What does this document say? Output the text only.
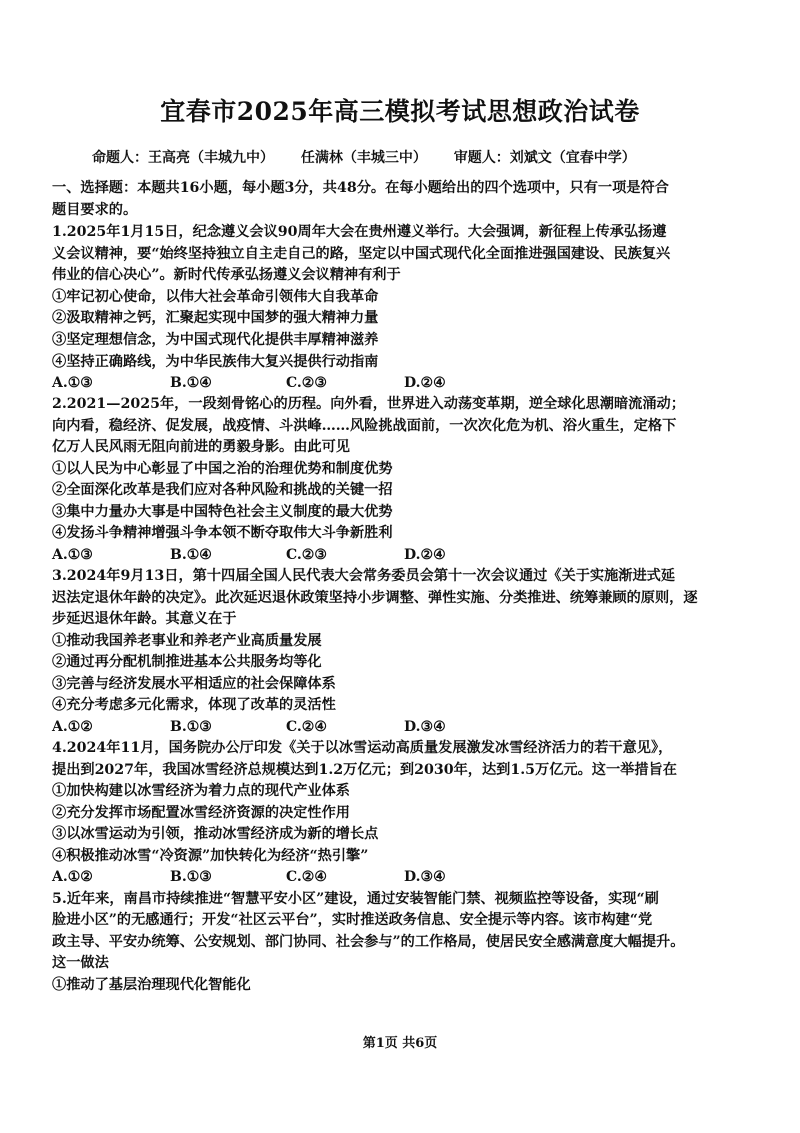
宜春市2025年高三模拟考试思想政治试卷
命题人：王高亮（丰城九中） 任满林（丰城三中） 审题人：刘斌文（宜春中学）
一、选择题：本题共16小题，每小题3分，共48分。在每小题给出的四个选项中，只有一项是符合
题目要求的。
1.2025年1月15日，纪念遵义会议90周年大会在贵州遵义举行。大会强调，新征程上传承弘扬遵
义会议精神，要“始终坚持独立自主走自己的路，坚定以中国式现代化全面推进强国建设、民族复兴
伟业的信心决心”。新时代传承弘扬遵义会议精神有利于
①牢记初心使命，以伟大社会革命引领伟大自我革命
②汲取精神之钙，汇聚起实现中国梦的强大精神力量
③坚定理想信念，为中国式现代化提供丰厚精神滋养
④坚持正确路线，为中华民族伟大复兴提供行动指南
A.①③	B.①④	C.②③	D.②④
2.2021—2025年，一段刻骨铭心的历程。向外看，世界进入动荡变革期，逆全球化思潮暗流涌动；
向内看，稳经济、促发展，战疫情、斗洪峰……风险挑战面前，一次次化危为机、浴火重生，定格下
亿万人民风雨无阻向前进的勇毅身影。由此可见
①以人民为中心彰显了中国之治的治理优势和制度优势
②全面深化改革是我们应对各种风险和挑战的关键一招
③集中力量办大事是中国特色社会主义制度的最大优势
④发扬斗争精神增强斗争本领不断夺取伟大斗争新胜利
A.①③	B.①④	C.②③	D.②④
3.2024年9月13日，第十四届全国人民代表大会常务委员会第十一次会议通过《关于实施渐进式延
迟法定退休年龄的决定》。此次延迟退休政策坚持小步调整、弹性实施、分类推进、统筹兼顾的原则，逐
步延迟退休年龄。其意义在于
①推动我国养老事业和养老产业高质量发展
②通过再分配机制推进基本公共服务均等化
③完善与经济发展水平相适应的社会保障体系
④充分考虑多元化需求，体现了改革的灵活性
A.①②	B.①③	C.②④	D.③④
4.2024年11月，国务院办公厅印发《关于以冰雪运动高质量发展激发冰雪经济活力的若干意见》，
提出到2027年，我国冰雪经济总规模达到1.2万亿元；到2030年，达到1.5万亿元。这一举措旨在
①加快构建以冰雪经济为着力点的现代产业体系
②充分发挥市场配置冰雪经济资源的决定性作用
③以冰雪运动为引领，推动冰雪经济成为新的增长点
④积极推动冰雪“冷资源”加快转化为经济“热引擎”
A.①②	B.①③	C.②④	D.③④
5.近年来，南昌市持续推进“智慧平安小区”建设，通过安装智能门禁、视频监控等设备，实现“刷
脸进小区”的无感通行；开发“社区云平台”，实时推送政务信息、安全提示等内容。该市构建“党
政主导、平安办统筹、公安规划、部门协同、社会参与”的工作格局，使居民安全感满意度大幅提升。
这一做法
①推动了基层治理现代化智能化
第1页 共6页
